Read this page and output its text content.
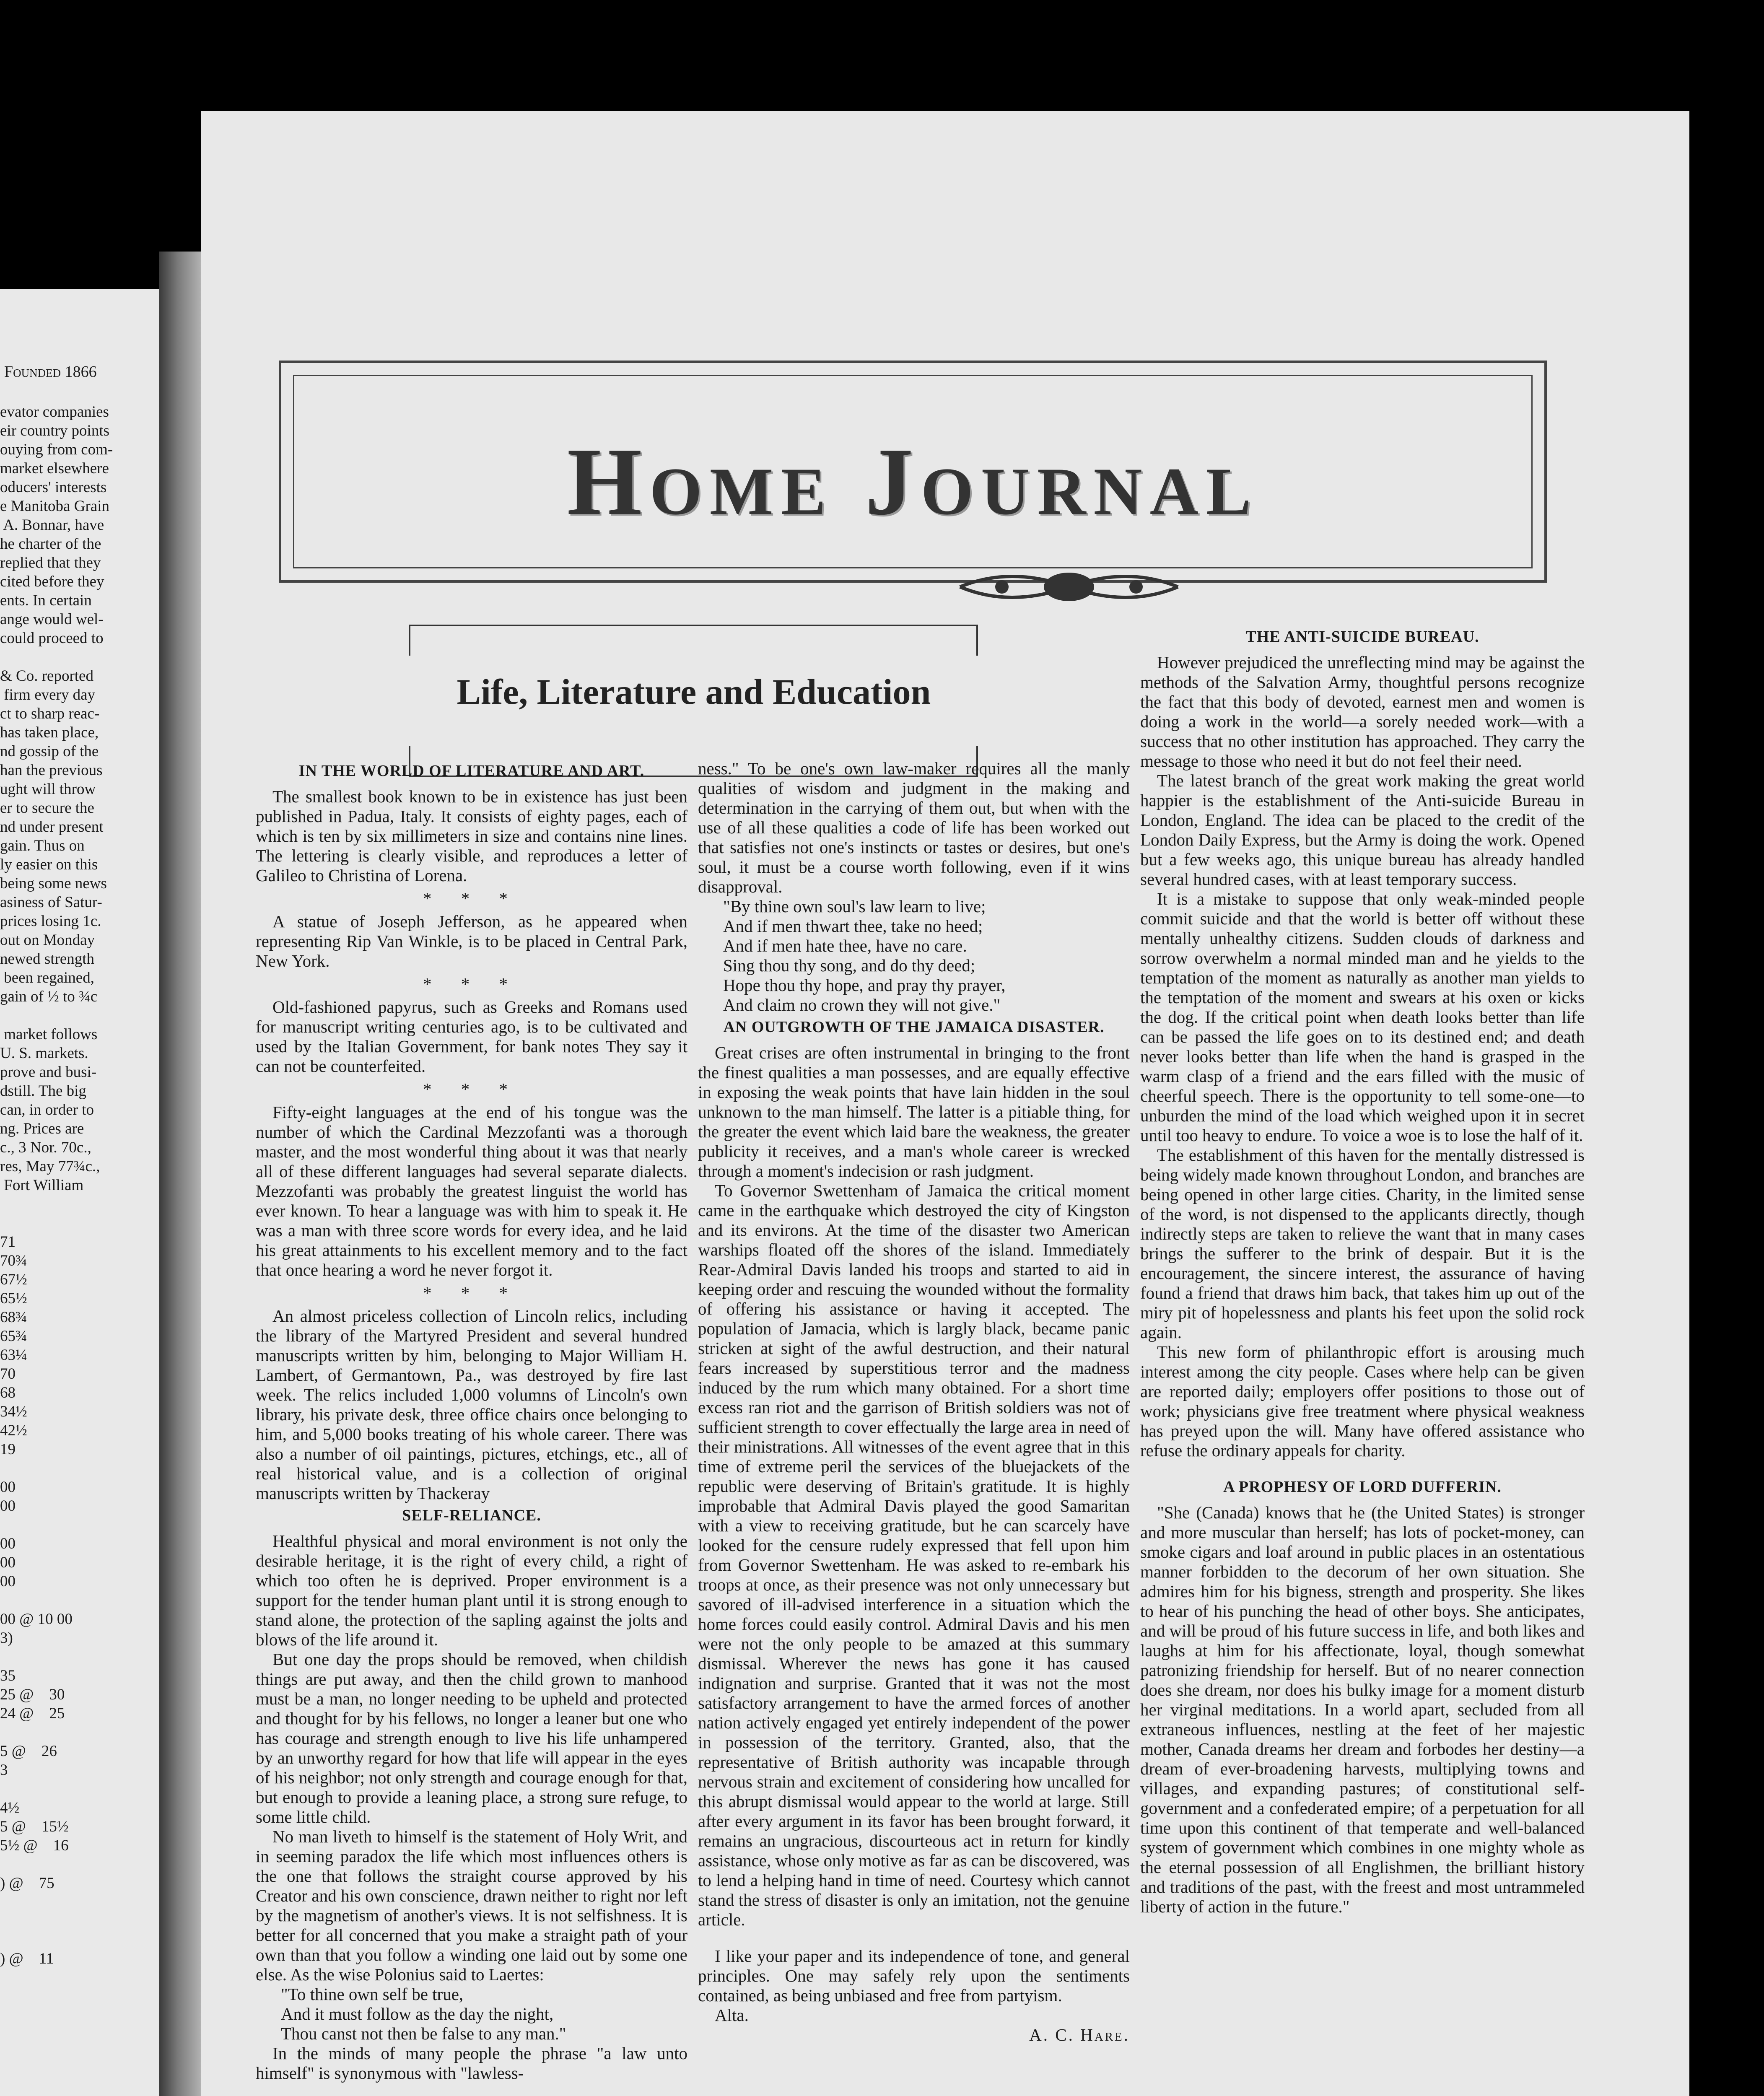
Founded 1866
evator companies
eir country points
ouying from com-
market elsewhere
oducers' interests
e Manitoba Grain
A. Bonnar, have
he charter of the
replied that they
cited before they
ents. In certain
ange would wel-
could proceed to

& Co. reported
firm every day
ct to sharp reac-
has taken place,
nd gossip of the
han the previous
ught will throw
er to secure the
nd under present
gain. Thus on
ly easier on this
being some news
asiness of Satur-
prices losing 1c.
out on Monday
newed strength
been regained,
gain of ½ to ¾c

market follows
U. S. markets.
prove and busi-
dstill. The big
can, in order to
ng. Prices are
c., 3 Nor. 70c.,
res, May 77¾c.,
Fort William

71
70¾
67½
65½
68¾
65¾
63¼
70
68
34½
42½
19

00
00

00
00
00

00 @ 10 00
3)

35
25 @    30
24 @    25

5 @    26
3

4½
5 @    15½
5½ @    16

) @    75

) @    11

Home Journal
Life, Literature and Education
IN THE WORLD OF LITERATURE AND ART.

The smallest book known to be in existence has just been published in Padua, Italy. It consists of eighty pages, each of which is ten by six millimeters in size and contains nine lines. The lettering is clearly visible, and reproduces a letter of Galileo to Christina of Lorena.

* * *

A statue of Joseph Jefferson, as he appeared when representing Rip Van Winkle, is to be placed in Central Park, New York.

* * *

Old-fashioned papyrus, such as Greeks and Romans used for manuscript writing centuries ago, is to be cultivated and used by the Italian Government, for bank notes They say it can not be counterfeited.

* * *

Fifty-eight languages at the end of his tongue was the number of which the Cardinal Mezzofanti was a thorough master, and the most wonderful thing about it was that nearly all of these different languages had several separate dialects. Mezzofanti was probably the greatest linguist the world has ever known. To hear a language was with him to speak it. He was a man with three score words for every idea, and he laid his great attainments to his excellent memory and to the fact that once hearing a word he never forgot it.

* * *

An almost priceless collection of Lincoln relics, including the library of the Martyred President and several hundred manuscripts written by him, belonging to Major William H. Lambert, of Germantown, Pa., was destroyed by fire last week. The relics included 1,000 volumns of Lincoln's own library, his private desk, three office chairs once belonging to him, and 5,000 books treating of his whole career. There was also a number of oil paintings, pictures, etchings, etc., all of real historical value, and is a collection of original manuscripts written by Thackeray

SELF-RELIANCE.

Healthful physical and moral environment is not only the desirable heritage, it is the right of every child, a right of which too often he is deprived. Proper environment is a support for the tender human plant until it is strong enough to stand alone, the protection of the sapling against the jolts and blows of the life around it.

But one day the props should be removed, when childish things are put away, and then the child grown to manhood must be a man, no longer needing to be upheld and protected and thought for by his fellows, no longer a leaner but one who has courage and strength enough to live his life unhampered by an unworthy regard for how that life will appear in the eyes of his neighbor; not only strength and courage enough for that, but enough to provide a leaning place, a strong sure refuge, to some little child.

No man liveth to himself is the statement of Holy Writ, and in seeming paradox the life which most influences others is the one that follows the straight course approved by his Creator and his own conscience, drawn neither to right nor left by the magnetism of another's views. It is not selfishness. It is better for all concerned that you make a straight path of your own than that you follow a winding one laid out by some one else. As the wise Polonius said to Laertes:

"To thine own self be true,

And it must follow as the day the night,

Thou canst not then be false to any man."

In the minds of many people the phrase "a law unto himself" is synonymous with "lawless-

ness." To be one's own law-maker requires all the manly qualities of wisdom and judgment in the making and determination in the carrying of them out, but when with the use of all these qualities a code of life has been worked out that satisfies not one's instincts or tastes or desires, but one's soul, it must be a course worth following, even if it wins disapproval.

"By thine own soul's law learn to live;

And if men thwart thee, take no heed;

And if men hate thee, have no care.

Sing thou thy song, and do thy deed;

Hope thou thy hope, and pray thy prayer,

And claim no crown they will not give."

AN OUTGROWTH OF THE JAMAICA DISASTER.

Great crises are often instrumental in bringing to the front the finest qualities a man possesses, and are equally effective in exposing the weak points that have lain hidden in the soul unknown to the man himself. The latter is a pitiable thing, for the greater the event which laid bare the weakness, the greater publicity it receives, and a man's whole career is wrecked through a moment's indecision or rash judgment.

To Governor Swettenham of Jamaica the critical moment came in the earthquake which destroyed the city of Kingston and its environs. At the time of the disaster two American warships floated off the shores of the island. Immediately Rear-Admiral Davis landed his troops and started to aid in keeping order and rescuing the wounded without the formality of offering his assistance or having it accepted. The population of Jamacia, which is largly black, became panic stricken at sight of the awful destruction, and their natural fears increased by superstitious terror and the madness induced by the rum which many obtained. For a short time excess ran riot and the garrison of British soldiers was not of sufficient strength to cover effectually the large area in need of their ministrations. All witnesses of the event agree that in this time of extreme peril the services of the bluejackets of the republic were deserving of Britain's gratitude. It is highly improbable that Admiral Davis played the good Samaritan with a view to receiving gratitude, but he can scarcely have looked for the censure rudely expressed that fell upon him from Governor Swettenham. He was asked to re-embark his troops at once, as their presence was not only unnecessary but savored of ill-advised interference in a situation which the home forces could easily control. Admiral Davis and his men were not the only people to be amazed at this summary dismissal. Wherever the news has gone it has caused indignation and surprise. Granted that it was not the most satisfactory arrangement to have the armed forces of another nation actively engaged yet entirely independent of the power in possession of the territory. Granted, also, that the representative of British authority was incapable through nervous strain and excitement of considering how uncalled for this abrupt dismissal would appear to the world at large. Still after every argument in its favor has been brought forward, it remains an ungracious, discourteous act in return for kindly assistance, whose only motive as far as can be discovered, was to lend a helping hand in time of need. Courtesy which cannot stand the stress of disaster is only an imitation, not the genuine article.

I like your paper and its independence of tone, and general principles. One may safely rely upon the sentiments contained, as being unbiased and free from partyism.

Alta.

A. C. Hare.

THE ANTI-SUICIDE BUREAU.

However prejudiced the unreflecting mind may be against the methods of the Salvation Army, thoughtful persons recognize the fact that this body of devoted, earnest men and women is doing a work in the world—a sorely needed work—with a success that no other institution has approached. They carry the message to those who need it but do not feel their need.

The latest branch of the great work making the great world happier is the establishment of the Anti-suicide Bureau in London, England. The idea can be placed to the credit of the London Daily Express, but the Army is doing the work. Opened but a few weeks ago, this unique bureau has already handled several hundred cases, with at least temporary success.

It is a mistake to suppose that only weak-minded people commit suicide and that the world is better off without these mentally unhealthy citizens. Sudden clouds of darkness and sorrow overwhelm a normal minded man and he yields to the temptation of the moment as naturally as another man yields to the temptation of the moment and swears at his oxen or kicks the dog. If the critical point when death looks better than life can be passed the life goes on to its destined end; and death never looks better than life when the hand is grasped in the warm clasp of a friend and the ears filled with the music of cheerful speech. There is the opportunity to tell some-one—to unburden the mind of the load which weighed upon it in secret until too heavy to endure. To voice a woe is to lose the half of it.

The establishment of this haven for the mentally distressed is being widely made known throughout London, and branches are being opened in other large cities. Charity, in the limited sense of the word, is not dispensed to the applicants directly, though indirectly steps are taken to relieve the want that in many cases brings the sufferer to the brink of despair. But it is the encouragement, the sincere interest, the assurance of having found a friend that draws him back, that takes him up out of the miry pit of hopelessness and plants his feet upon the solid rock again.

This new form of philanthropic effort is arousing much interest among the city people. Cases where help can be given are reported daily; employers offer positions to those out of work; physicians give free treatment where physical weakness has preyed upon the will. Many have offered assistance who refuse the ordinary appeals for charity.

A PROPHESY OF LORD DUFFERIN.

"She (Canada) knows that he (the United States) is stronger and more muscular than herself; has lots of pocket-money, can smoke cigars and loaf around in public places in an ostentatious manner forbidden to the decorum of her own situation. She admires him for his bigness, strength and prosperity. She likes to hear of his punching the head of other boys. She anticipates, and will be proud of his future success in life, and both likes and laughs at him for his affectionate, loyal, though somewhat patronizing friendship for herself. But of no nearer connection does she dream, nor does his bulky image for a moment disturb her virginal meditations. In a world apart, secluded from all extraneous influences, nestling at the feet of her majestic mother, Canada dreams her dream and forbodes her destiny—a dream of ever-broadening harvests, multiplying towns and villages, and expanding pastures; of constitutional self-government and a confederated empire; of a perpetuation for all time upon this continent of that temperate and well-balanced system of government which combines in one mighty whole as the eternal possession of all Englishmen, the brilliant history and traditions of the past, with the freest and most untrammeled liberty of action in the future."
